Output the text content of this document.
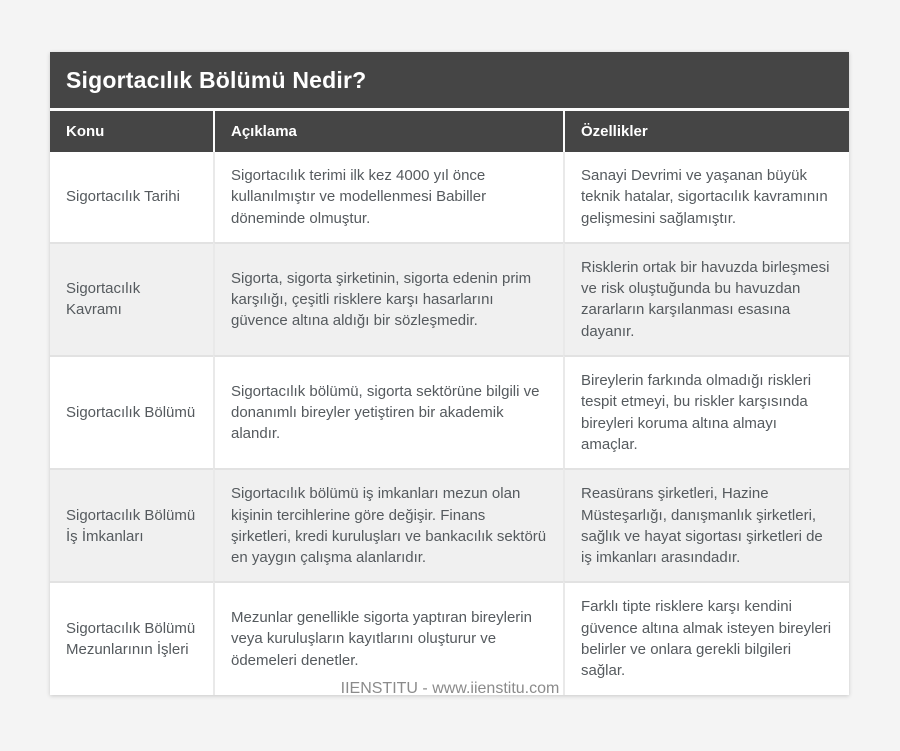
Sigortacılık Bölümü Nedir?
Konu	Açıklama	Özellikler
Sigortacılık Tarihi	Sigortacılık terimi ilk kez 4000 yıl önce kullanılmıştır ve modellenmesi Babiller döneminde olmuştur.	Sanayi Devrimi ve yaşanan büyük teknik hatalar, sigortacılık kavramının gelişmesini sağlamıştır.
Sigortacılık Kavramı	Sigorta, sigorta şirketinin, sigorta edenin prim karşılığı, çeşitli risklere karşı hasarlarını güvence altına aldığı bir sözleşmedir.	Risklerin ortak bir havuzda birleşmesi ve risk oluştuğunda bu havuzdan zararların karşılanması esasına dayanır.
Sigortacılık Bölümü	Sigortacılık bölümü, sigorta sektörüne bilgili ve donanımlı bireyler yetiştiren bir akademik alandır.	Bireylerin farkında olmadığı riskleri tespit etmeyi, bu riskler karşısında bireyleri koruma altına almayı amaçlar.
Sigortacılık Bölümü İş İmkanları	Sigortacılık bölümü iş imkanları mezun olan kişinin tercihlerine göre değişir. Finans şirketleri, kredi kuruluşları ve bankacılık sektörü en yaygın çalışma alanlarıdır.	Reasürans şirketleri, Hazine Müsteşarlığı, danışmanlık şirketleri, sağlık ve hayat sigortası şirketleri de iş imkanları arasındadır.
Sigortacılık Bölümü Mezunlarının İşleri	Mezunlar genellikle sigorta yaptıran bireylerin veya kuruluşların kayıtlarını oluşturur ve ödemeleri denetler.	Farklı tipte risklere karşı kendini güvence altına almak isteyen bireyleri belirler ve onlara gerekli bilgileri sağlar.
IIENSTITU - www.iienstitu.com
